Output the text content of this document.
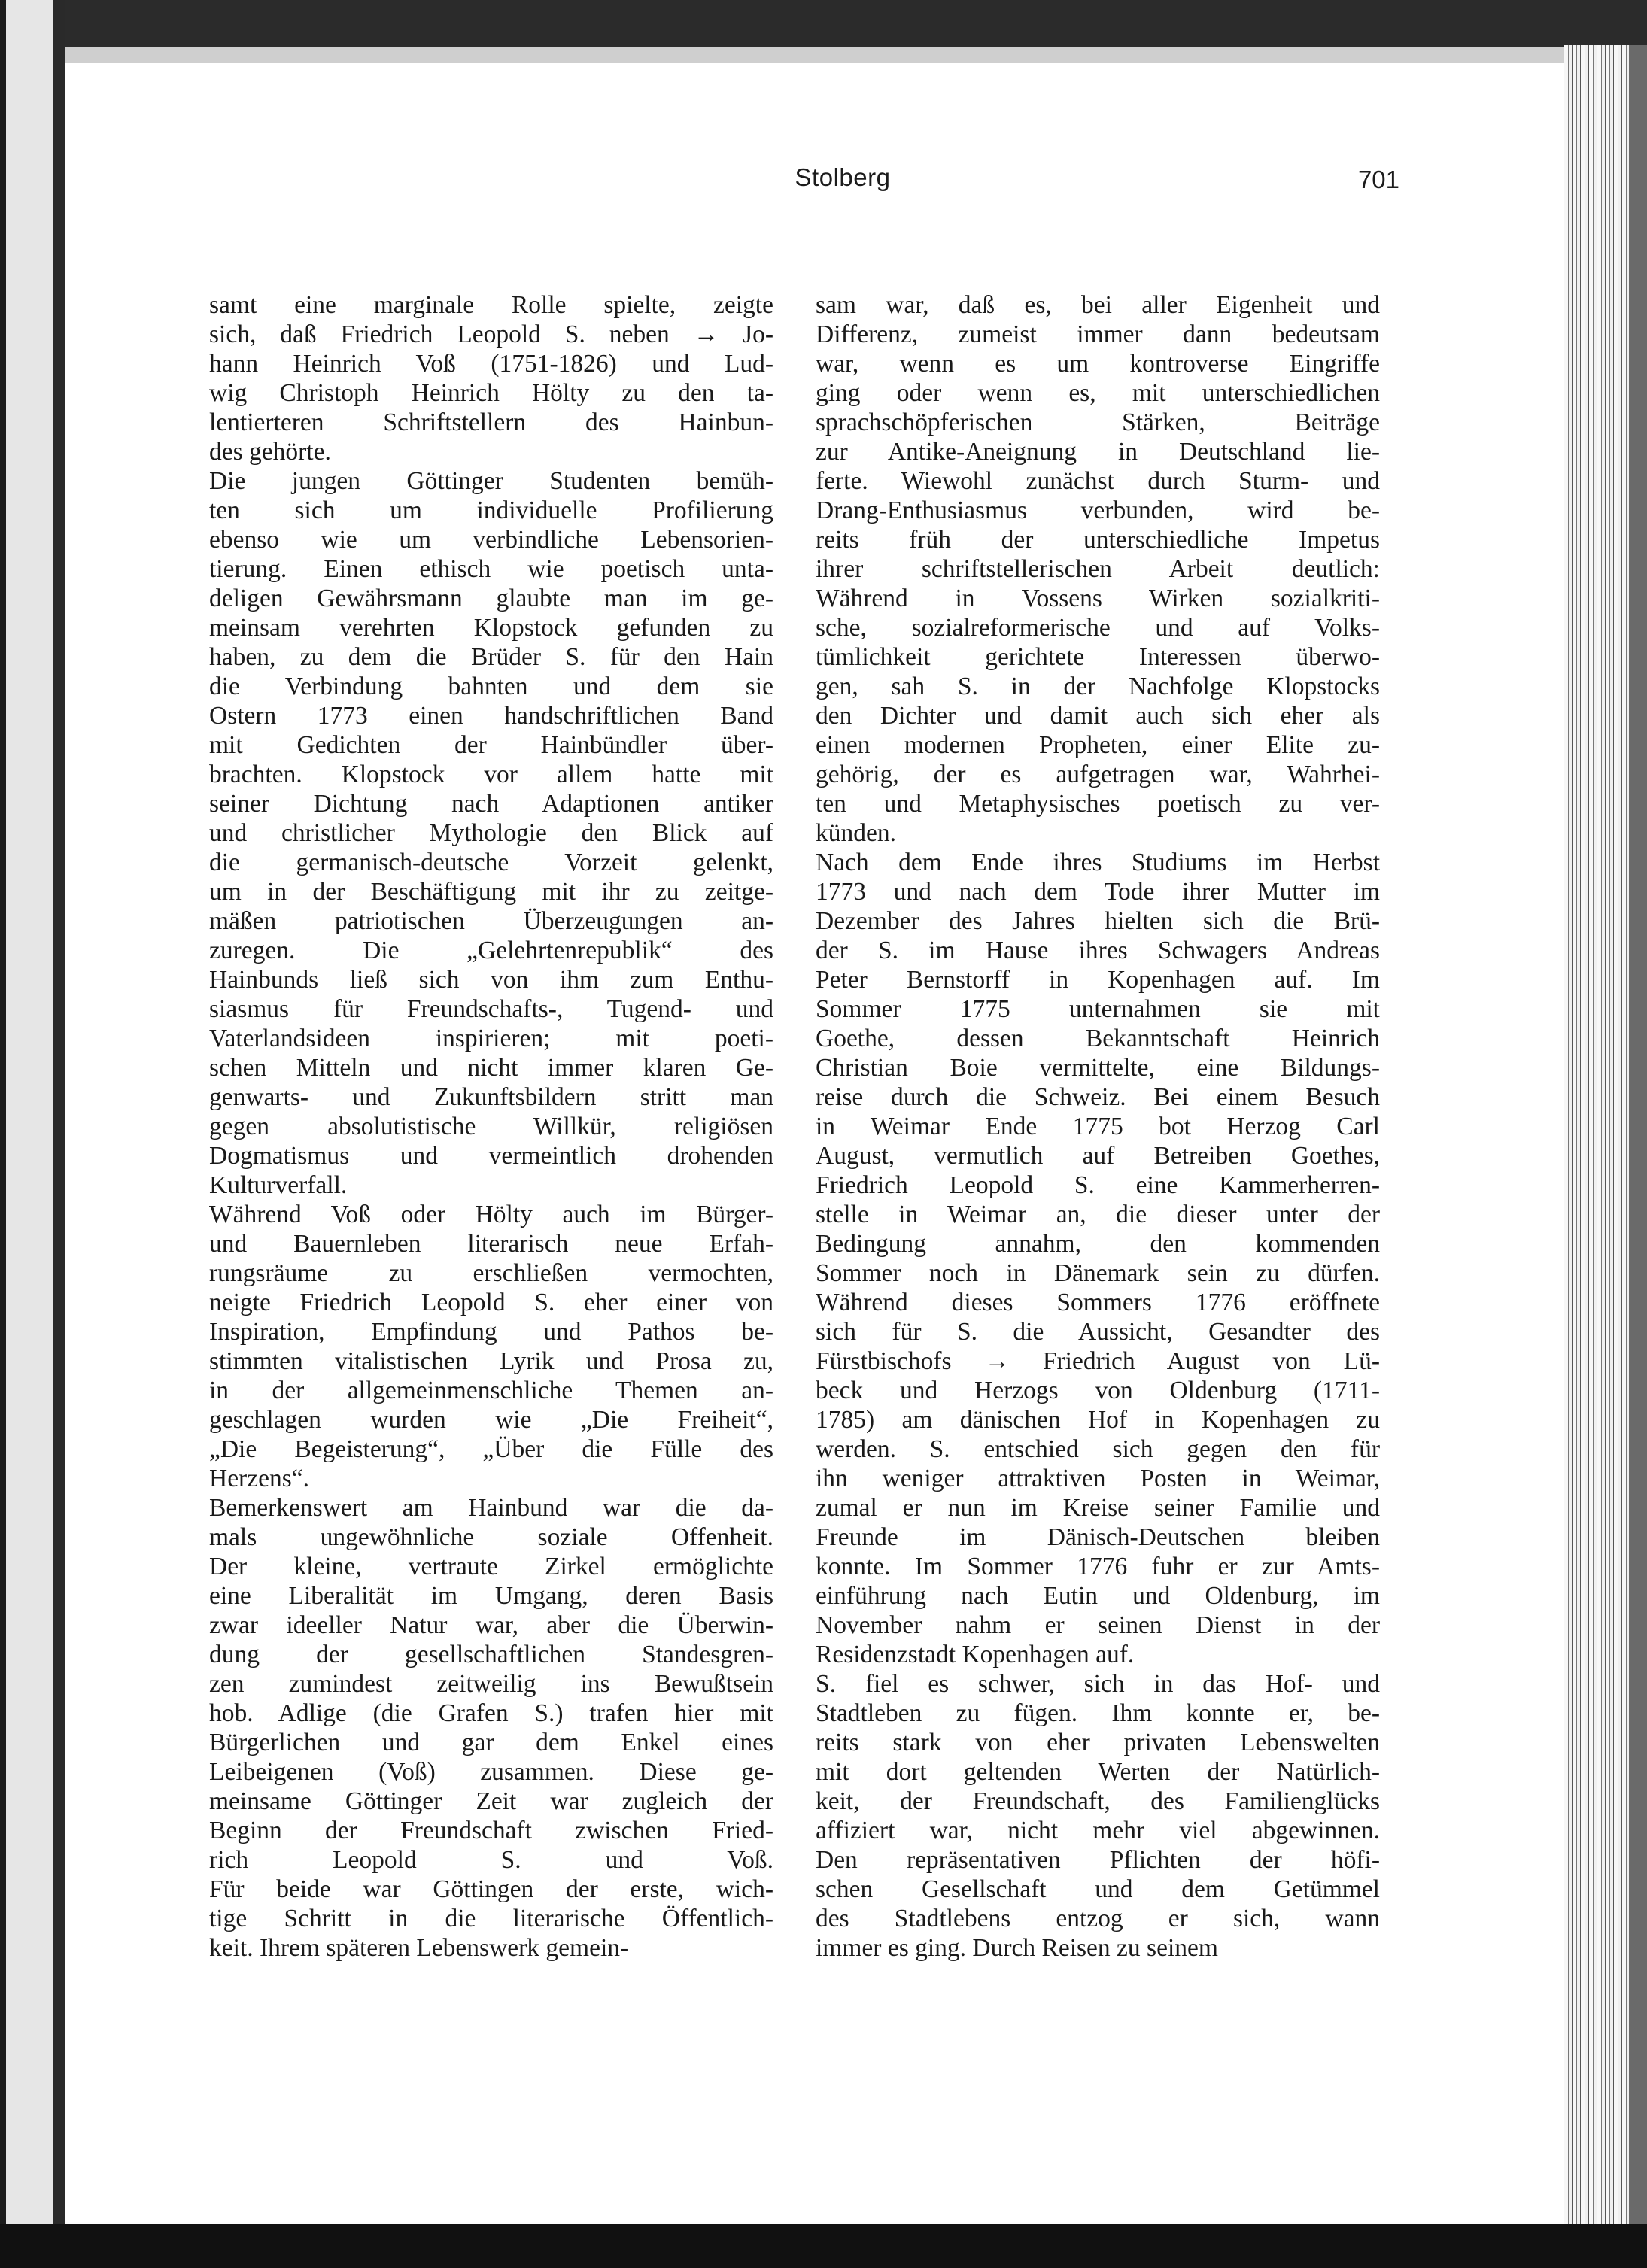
Stolberg	701
samt eine marginale Rolle spielte, zeigte
sich, daß Friedrich Leopold S. neben → Jo-
hann Heinrich Voß (1751-1826) und Lud-
wig Christoph Heinrich Hölty zu den ta-
lentierteren Schriftstellern des Hainbun-
des gehörte.
Die jungen Göttinger Studenten bemüh-
ten sich um individuelle Profilierung
ebenso wie um verbindliche Lebensorien-
tierung. Einen ethisch wie poetisch unta-
deligen Gewährsmann glaubte man im ge-
meinsam verehrten Klopstock gefunden zu
haben, zu dem die Brüder S. für den Hain
die Verbindung bahnten und dem sie
Ostern 1773 einen handschriftlichen Band
mit Gedichten der Hainbündler über-
brachten. Klopstock vor allem hatte mit
seiner Dichtung nach Adaptionen antiker
und christlicher Mythologie den Blick auf
die germanisch-deutsche Vorzeit gelenkt,
um in der Beschäftigung mit ihr zu zeitge-
mäßen patriotischen Überzeugungen an-
zuregen. Die „Gelehrtenrepublik“ des
Hainbunds ließ sich von ihm zum Enthu-
siasmus für Freundschafts-, Tugend- und
Vaterlandsideen inspirieren; mit poeti-
schen Mitteln und nicht immer klaren Ge-
genwarts- und Zukunftsbildern stritt man
gegen absolutistische Willkür, religiösen
Dogmatismus und vermeintlich drohenden
Kulturverfall.
Während Voß oder Hölty auch im Bürger-
und Bauernleben literarisch neue Erfah-
rungsräume zu erschließen vermochten,
neigte Friedrich Leopold S. eher einer von
Inspiration, Empfindung und Pathos be-
stimmten vitalistischen Lyrik und Prosa zu,
in der allgemeinmenschliche Themen an-
geschlagen wurden wie „Die Freiheit“,
„Die Begeisterung“, „Über die Fülle des
Herzens“.
Bemerkenswert am Hainbund war die da-
mals ungewöhnliche soziale Offenheit.
Der kleine, vertraute Zirkel ermöglichte
eine Liberalität im Umgang, deren Basis
zwar ideeller Natur war, aber die Überwin-
dung der gesellschaftlichen Standesgren-
zen zumindest zeitweilig ins Bewußtsein
hob. Adlige (die Grafen S.) trafen hier mit
Bürgerlichen und gar dem Enkel eines
Leibeigenen (Voß) zusammen. Diese ge-
meinsame Göttinger Zeit war zugleich der
Beginn der Freundschaft zwischen Fried-
rich Leopold S. und Voß.
Für beide war Göttingen der erste, wich-
tige Schritt in die literarische Öffentlich-
keit. Ihrem späteren Lebenswerk gemein-
sam war, daß es, bei aller Eigenheit und
Differenz, zumeist immer dann bedeutsam
war, wenn es um kontroverse Eingriffe
ging oder wenn es, mit unterschiedlichen
sprachschöpferischen Stärken, Beiträge
zur Antike-Aneignung in Deutschland lie-
ferte. Wiewohl zunächst durch Sturm- und
Drang-Enthusiasmus verbunden, wird be-
reits früh der unterschiedliche Impetus
ihrer schriftstellerischen Arbeit deutlich:
Während in Vossens Wirken sozialkriti-
sche, sozialreformerische und auf Volks-
tümlichkeit gerichtete Interessen überwo-
gen, sah S. in der Nachfolge Klopstocks
den Dichter und damit auch sich eher als
einen modernen Propheten, einer Elite zu-
gehörig, der es aufgetragen war, Wahrhei-
ten und Metaphysisches poetisch zu ver-
künden.
Nach dem Ende ihres Studiums im Herbst
1773 und nach dem Tode ihrer Mutter im
Dezember des Jahres hielten sich die Brü-
der S. im Hause ihres Schwagers Andreas
Peter Bernstorff in Kopenhagen auf. Im
Sommer 1775 unternahmen sie mit
Goethe, dessen Bekanntschaft Heinrich
Christian Boie vermittelte, eine Bildungs-
reise durch die Schweiz. Bei einem Besuch
in Weimar Ende 1775 bot Herzog Carl
August, vermutlich auf Betreiben Goethes,
Friedrich Leopold S. eine Kammerherren-
stelle in Weimar an, die dieser unter der
Bedingung annahm, den kommenden
Sommer noch in Dänemark sein zu dürfen.
Während dieses Sommers 1776 eröffnete
sich für S. die Aussicht, Gesandter des
Fürstbischofs → Friedrich August von Lü-
beck und Herzogs von Oldenburg (1711-
1785) am dänischen Hof in Kopenhagen zu
werden. S. entschied sich gegen den für
ihn weniger attraktiven Posten in Weimar,
zumal er nun im Kreise seiner Familie und
Freunde im Dänisch-Deutschen bleiben
konnte. Im Sommer 1776 fuhr er zur Amts-
einführung nach Eutin und Oldenburg, im
November nahm er seinen Dienst in der
Residenzstadt Kopenhagen auf.
S. fiel es schwer, sich in das Hof- und
Stadtleben zu fügen. Ihm konnte er, be-
reits stark von eher privaten Lebenswelten
mit dort geltenden Werten der Natürlich-
keit, der Freundschaft, des Familienglücks
affiziert war, nicht mehr viel abgewinnen.
Den repräsentativen Pflichten der höfi-
schen Gesellschaft und dem Getümmel
des Stadtlebens entzog er sich, wann
immer es ging. Durch Reisen zu seinem
